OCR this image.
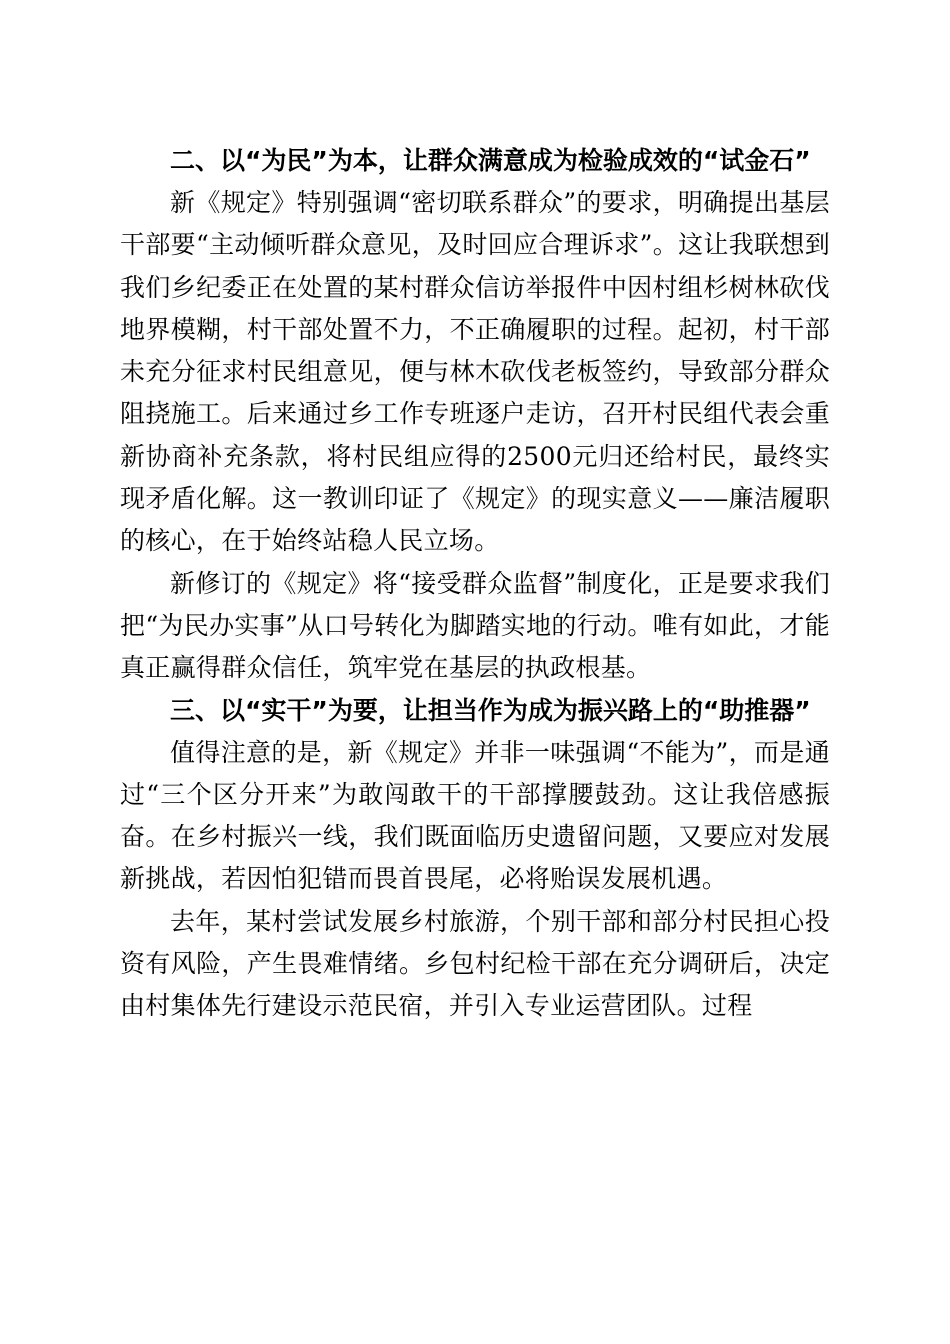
二、以“为民”为本，让群众满意成为检验成效的“试金石”

新《规定》特别强调“密切联系群众”的要求，明确提出基层干部要“主动倾听群众意见，及时回应合理诉求”。这让我联想到我们乡纪委正在处置的某村群众信访举报件中因村组杉树林砍伐地界模糊，村干部处置不力，不正确履职的过程。起初，村干部未充分征求村民组意见，便与林木砍伐老板签约，导致部分群众阻挠施工。后来通过乡工作专班逐户走访，召开村民组代表会重新协商补充条款，将村民组应得的2500元归还给村民，最终实现矛盾化解。这一教训印证了《规定》的现实意义——廉洁履职的核心，在于始终站稳人民立场。

新修订的《规定》将“接受群众监督”制度化，正是要求我们把“为民办实事”从口号转化为脚踏实地的行动。唯有如此，才能真正赢得群众信任，筑牢党在基层的执政根基。

三、以“实干”为要，让担当作为成为振兴路上的“助推器”

值得注意的是，新《规定》并非一味强调“不能为”，而是通过“三个区分开来”为敢闯敢干的干部撑腰鼓劲。这让我倍感振奋。在乡村振兴一线，我们既面临历史遗留问题，又要应对发展新挑战，若因怕犯错而畏首畏尾，必将贻误发展机遇。

去年，某村尝试发展乡村旅游，个别干部和部分村民担心投资有风险，产生畏难情绪。乡包村纪检干部在充分调研后，决定由村集体先行建设示范民宿，并引入专业运营团队。过程
